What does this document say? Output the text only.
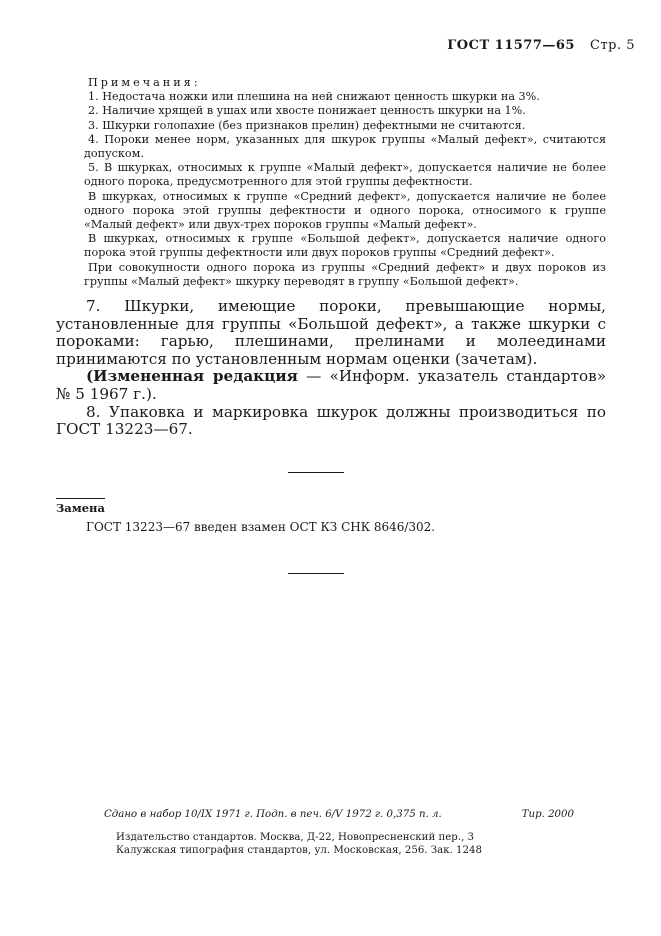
ГОСТ 11577—65 Стр. 5

Примечания:

1. Недостача ножки или плешина на ней снижают ценность шкурки на 3%.

2. Наличие хрящей в ушах или хвосте понижает ценность шкурки на 1%.

3. Шкурки голопахие (без признаков прелин) дефектными не считаются.

4. Пороки менее норм, указанных для шкурок группы «Малый дефект», считаются допуском.

5. В шкурках, относимых к группе «Малый дефект», допускается наличие не более одного порока, предусмотренного для этой группы дефектности.

В шкурках, относимых к группе «Средний дефект», допускается наличие не более одного порока этой группы дефектности и одного порока, относимого к группе «Малый дефект» или двух-трех пороков группы «Малый дефект».

В шкурках, относимых к группе «Большой дефект», допускается наличие одного порока этой группы дефектности или двух пороков группы «Средний дефект».

При совокупности одного порока из группы «Средний дефект» и двух пороков из группы «Малый дефект» шкурку переводят в группу «Большой дефект».

7. Шкурки, имеющие пороки, превышающие нормы, установленные для группы «Большой дефект», а также шкурки с пороками: гарью, плешинами, прелинами и молеединами принимаются по установленным нормам оценки (зачетам).

(Измененная редакция — «Информ. указатель стандартов» № 5 1967 г.).

8. Упаковка и маркировка шкурок должны производиться по ГОСТ 13223—67.

Замена
ГОСТ 13223—67 введен взамен ОСТ КЗ СНК 8646/302.

Сдано в набор 10/IX 1971 г. Подп. в печ. 6/V 1972 г. 0,375 п. л.	Тир. 2000

Издательство стандартов. Москва, Д-22, Новопресненский пер., 3

Калужская типография стандартов, ул. Московская, 256. Зак. 1248
